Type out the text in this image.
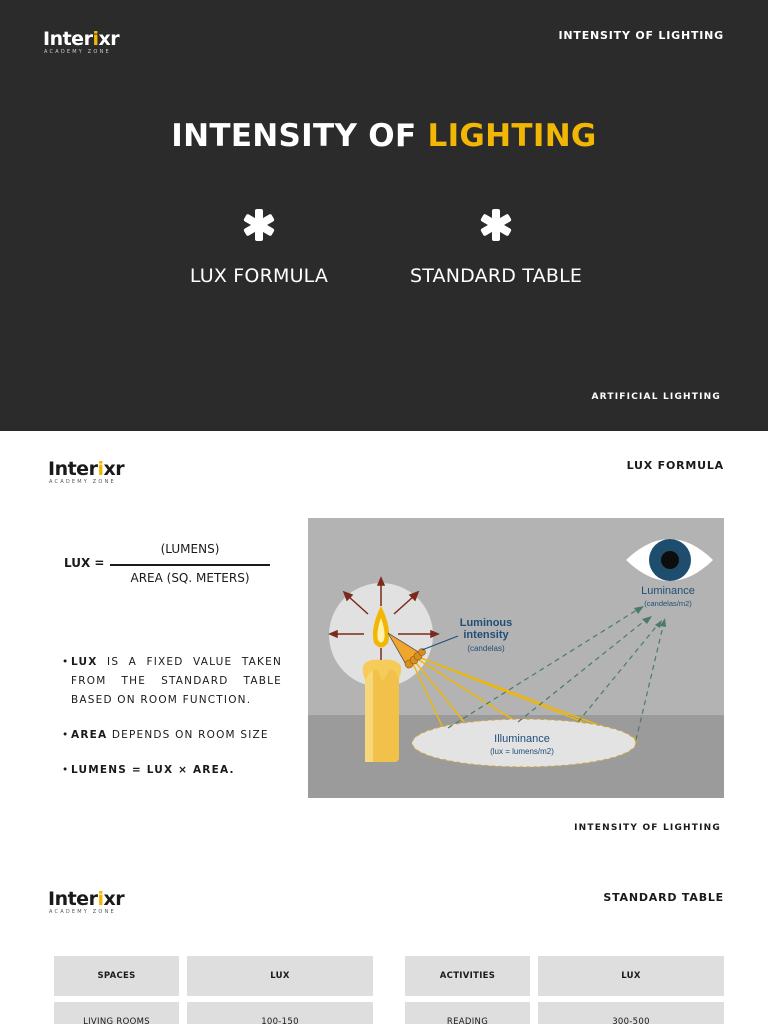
Interixr
ACADEMY ZONE
INTENSITY OF LIGHTING
INTENSITY OF LIGHTING
LUX FORMULA	STANDARD TABLE
ARTIFICIAL LIGHTING
Interixr
ACADEMY ZONE
LUX FORMULA
LUX =
(LUMENS)
AREA (SQ. METERS)
• LUX IS A FIXED VALUE TAKEN FROM THE STANDARD TABLE BASED ON ROOM FUNCTION.
• AREA DEPENDS ON ROOM SIZE
• LUMENS = LUX × AREA.
Luminance
(candelas/m2)
Luminous
intensity
(candelas)
Illuminance
(lux = lumens/m2)
INTENSITY OF LIGHTING
Interixr
ACADEMY ZONE
STANDARD TABLE
SPACES	LUX
LIVING ROOMS	100-150
ACTIVITIES	LUX
READING	300-500
